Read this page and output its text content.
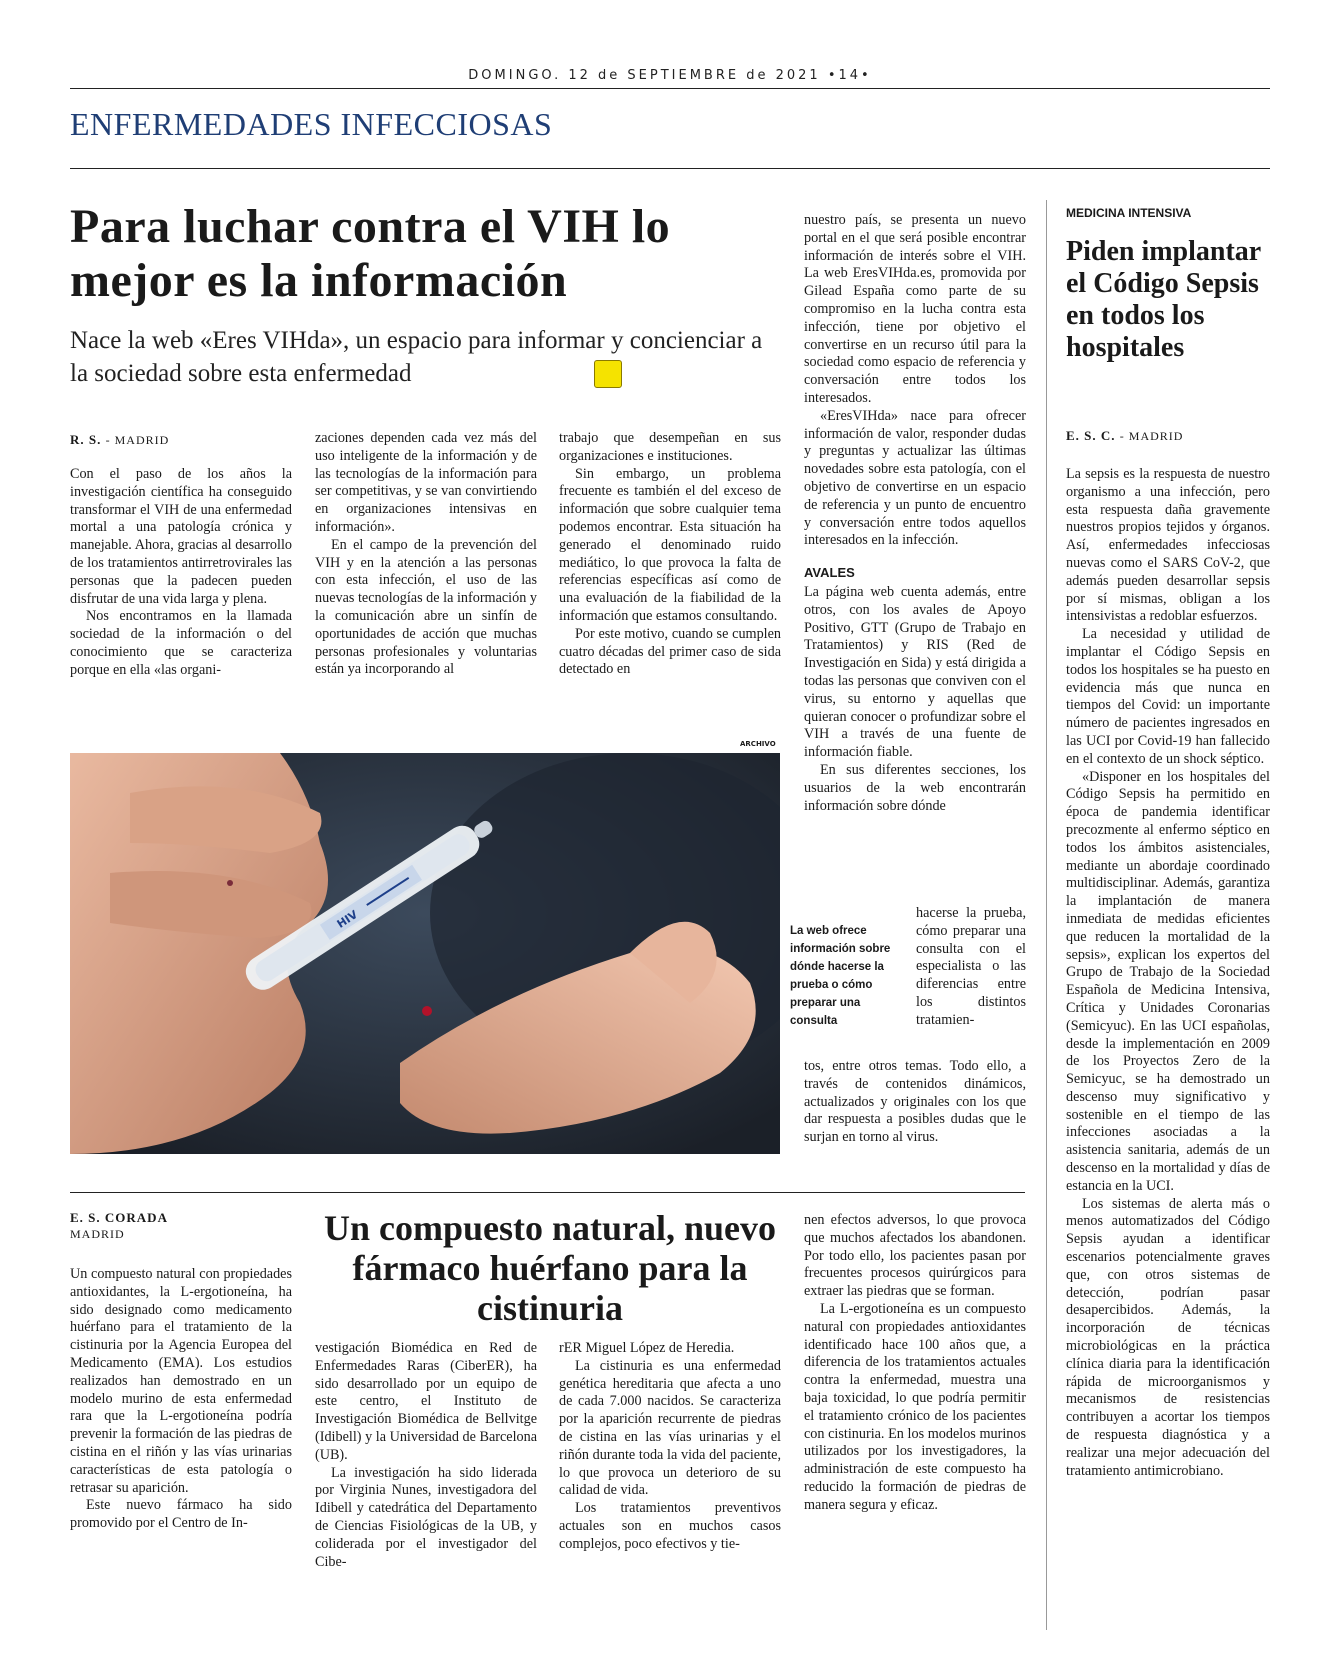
DOMINGO. 12 de SEPTIEMBRE de 2021 •14•
ENFERMEDADES INFECCIOSAS
Para luchar contra el VIH lo mejor es la información
Nace la web «Eres VIHda», un espacio para informar y concienciar a la sociedad sobre esta enfermedad
R. S. - MADRID

Con el paso de los años la investigación científica ha conseguido transformar el VIH de una enfermedad mortal a una patología crónica y manejable. Ahora, gracias al desarrollo de los tratamientos antirretrovirales las personas que la padecen pueden disfrutar de una vida larga y plena.

Nos encontramos en la llamada sociedad de la información o del conocimiento que se caracteriza porque en ella «las organi-

zaciones dependen cada vez más del uso inteligente de la información y de las tecnologías de la información para ser competitivas, y se van convirtiendo en organizaciones intensivas en información».

En el campo de la prevención del VIH y en la atención a las personas con esta infección, el uso de las nuevas tecnologías de la información y la comunicación abre un sinfín de oportunidades de acción que muchas personas profesionales y voluntarias están ya incorporando al

trabajo que desempeñan en sus organizaciones e instituciones.

Sin embargo, un problema frecuente es también el del exceso de información que sobre cualquier tema podemos encontrar. Esta situación ha generado el denominado ruido mediático, lo que provoca la falta de referencias específicas así como de una evaluación de la fiabilidad de la información que estamos consultando.

Por este motivo, cuando se cumplen cuatro décadas del primer caso de sida detectado en

nuestro país, se presenta un nuevo portal en el que será posible encontrar información de interés sobre el VIH. La web EresVIHda.es, promovida por Gilead España como parte de su compromiso en la lucha contra esta infección, tiene por objetivo el convertirse en un recurso útil para la sociedad como espacio de referencia y conversación entre todos los interesados.

«EresVIHda» nace para ofrecer información de valor, responder dudas y preguntas y actualizar las últimas novedades sobre esta patología, con el objetivo de convertirse en un espacio de referencia y un punto de encuentro y conversación entre todos aquellos interesados en la infección.

AVALES

La página web cuenta además, entre otros, con los avales de Apoyo Positivo, GTT (Grupo de Trabajo en Tratamientos) y RIS (Red de Investigación en Sida) y está dirigida a todas las personas que conviven con el virus, su entorno y aquellas que quieran conocer o profundizar sobre el VIH a través de una fuente de información fiable.

En sus diferentes secciones, los usuarios de la web encontrarán información sobre dónde

hacerse la prueba, cómo preparar una consulta con el especialista o las diferencias entre los distintos tratamien-

tos, entre otros temas. Todo ello, a través de contenidos dinámicos, actualizados y originales con los que dar respuesta a posibles dudas que le surjan en torno al virus.

La web ofrece información sobre dónde hacerse la prueba o cómo preparar una consulta
ARCHIVO
HIV
MEDICINA INTENSIVA
Piden implantar el Código Sepsis en todos los hospitales
E. S. C. - MADRID

La sepsis es la respuesta de nuestro organismo a una infección, pero esta respuesta daña gravemente nuestros propios tejidos y órganos. Así, enfermedades infecciosas nuevas como el SARS CoV-2, que además pueden desarrollar sepsis por sí mismas, obligan a los intensivistas a redoblar esfuerzos.

La necesidad y utilidad de implantar el Código Sepsis en todos los hospitales se ha puesto en evidencia más que nunca en tiempos del Covid: un importante número de pacientes ingresados en las UCI por Covid-19 han fallecido en el contexto de un shock séptico.

«Disponer en los hospitales del Código Sepsis ha permitido en época de pandemia identificar precozmente al enfermo séptico en todos los ámbitos asistenciales, mediante un abordaje coordinado multidisciplinar. Además, garantiza la implantación de manera inmediata de medidas eficientes que reducen la mortalidad de la sepsis», explican los expertos del Grupo de Trabajo de la Sociedad Española de Medicina Intensiva, Crítica y Unidades Coronarias (Semicyuc). En las UCI españolas, desde la implementación en 2009 de los Proyectos Zero de la Semicyuc, se ha demostrado un descenso muy significativo y sostenible en el tiempo de las infecciones asociadas a la asistencia sanitaria, además de un descenso en la mortalidad y días de estancia en la UCI.

Los sistemas de alerta más o menos automatizados del Código Sepsis ayudan a identificar escenarios potencialmente graves que, con otros sistemas de detección, podrían pasar desapercibidos. Además, la incorporación de técnicas microbiológicas en la práctica clínica diaria para la identificación rápida de microorganismos y mecanismos de resistencias contribuyen a acortar los tiempos de respuesta diagnóstica y a realizar una mejor adecuación del tratamiento antimicrobiano.

E. S. CORADA
MADRID	Un compuesto natural, nuevo fármaco huérfano para la cistinuria

Un compuesto natural con propiedades antioxidantes, la L-ergotioneína, ha sido designado como medicamento huérfano para el tratamiento de la cistinuria por la Agencia Europea del Medicamento (EMA). Los estudios realizados han demostrado en un modelo murino de esta enfermedad rara que la L-ergotioneína podría prevenir la formación de las piedras de cistina en el riñón y las vías urinarias características de esta patología o retrasar su aparición.

Este nuevo fármaco ha sido promovido por el Centro de In-

vestigación Biomédica en Red de Enfermedades Raras (CiberER), ha sido desarrollado por un equipo de este centro, el Instituto de Investigación Biomédica de Bellvitge (Idibell) y la Universidad de Barcelona (UB).

La investigación ha sido liderada por Virginia Nunes, investigadora del Idibell y catedrática del Departamento de Ciencias Fisiológicas de la UB, y coliderada por el investigador del Cibe-

rER Miguel López de Heredia.

La cistinuria es una enfermedad genética hereditaria que afecta a uno de cada 7.000 nacidos. Se caracteriza por la aparición recurrente de piedras de cistina en las vías urinarias y el riñón durante toda la vida del paciente, lo que provoca un deterioro de su calidad de vida.

Los tratamientos preventivos actuales son en muchos casos complejos, poco efectivos y tie-

nen efectos adversos, lo que provoca que muchos afectados los abandonen. Por todo ello, los pacientes pasan por frecuentes procesos quirúrgicos para extraer las piedras que se forman.

La L-ergotioneína es un compuesto natural con propiedades antioxidantes identificado hace 100 años que, a diferencia de los tratamientos actuales contra la enfermedad, muestra una baja toxicidad, lo que podría permitir el tratamiento crónico de los pacientes con cistinuria. En los modelos murinos utilizados por los investigadores, la administración de este compuesto ha reducido la formación de piedras de manera segura y eficaz.
